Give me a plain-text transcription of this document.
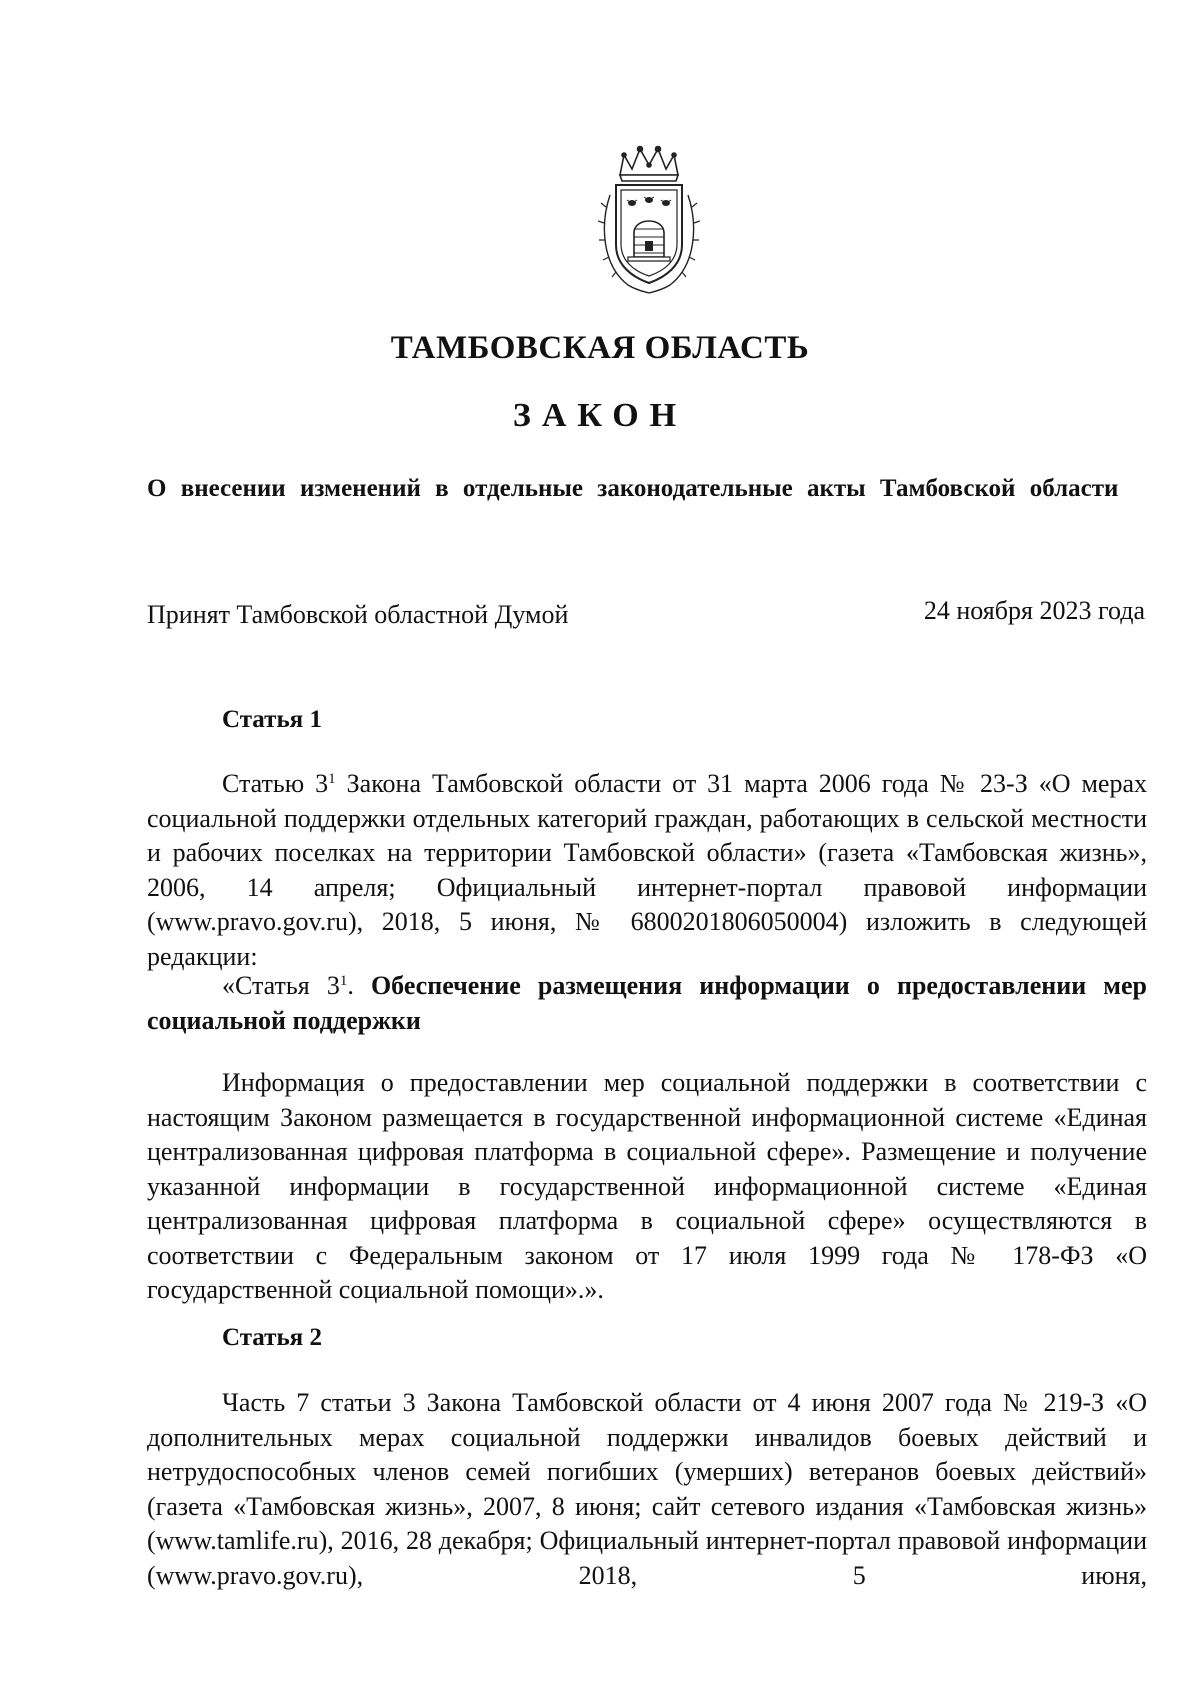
ТАМБОВСКАЯ ОБЛАСТЬ
ЗАКОН
О внесении изменений в отдельные законодательные акты Тамбовской области
Принят Тамбовской областной Думой	24 ноября 2023 года
Статья 1

Статью $3^1$ Закона Тамбовской области от 31 марта 2006 года № 23-З «О мерах социальной поддержки отдельных категорий граждан, работающих в сельской местности и рабочих поселках на территории Тамбовской области» (газета «Тамбовская жизнь», 2006, 14 апреля; Официальный интернет-портал правовой информации (www.pravo.gov.ru), 2018, 5 июня, № 6800201806050004) изложить в следующей редакции:

«Статья $3^1$. Обеспечение размещения информации о предоставлении мер социальной поддержки

Информация о предоставлении мер социальной поддержки в соответствии с настоящим Законом размещается в государственной информационной системе «Единая централизованная цифровая платформа в социальной сфере». Размещение и получение указанной информации в государственной информационной системе «Единая централизованная цифровая платформа в социальной сфере» осуществляются в соответствии с Федеральным законом от 17 июля 1999 года № 178-ФЗ «О государственной социальной помощи».».

Статья 2

Часть 7 статьи 3 Закона Тамбовской области от 4 июня 2007 года № 219-З «О дополнительных мерах социальной поддержки инвалидов боевых действий и нетрудоспособных членов семей погибших (умерших) ветеранов боевых действий» (газета «Тамбовская жизнь», 2007, 8 июня; сайт сетевого издания «Тамбовская жизнь» (www.tamlife.ru), 2016, 28 декабря; Официальный интернет-портал правовой информации (www.pravo.gov.ru), 2018, 5 июня,
